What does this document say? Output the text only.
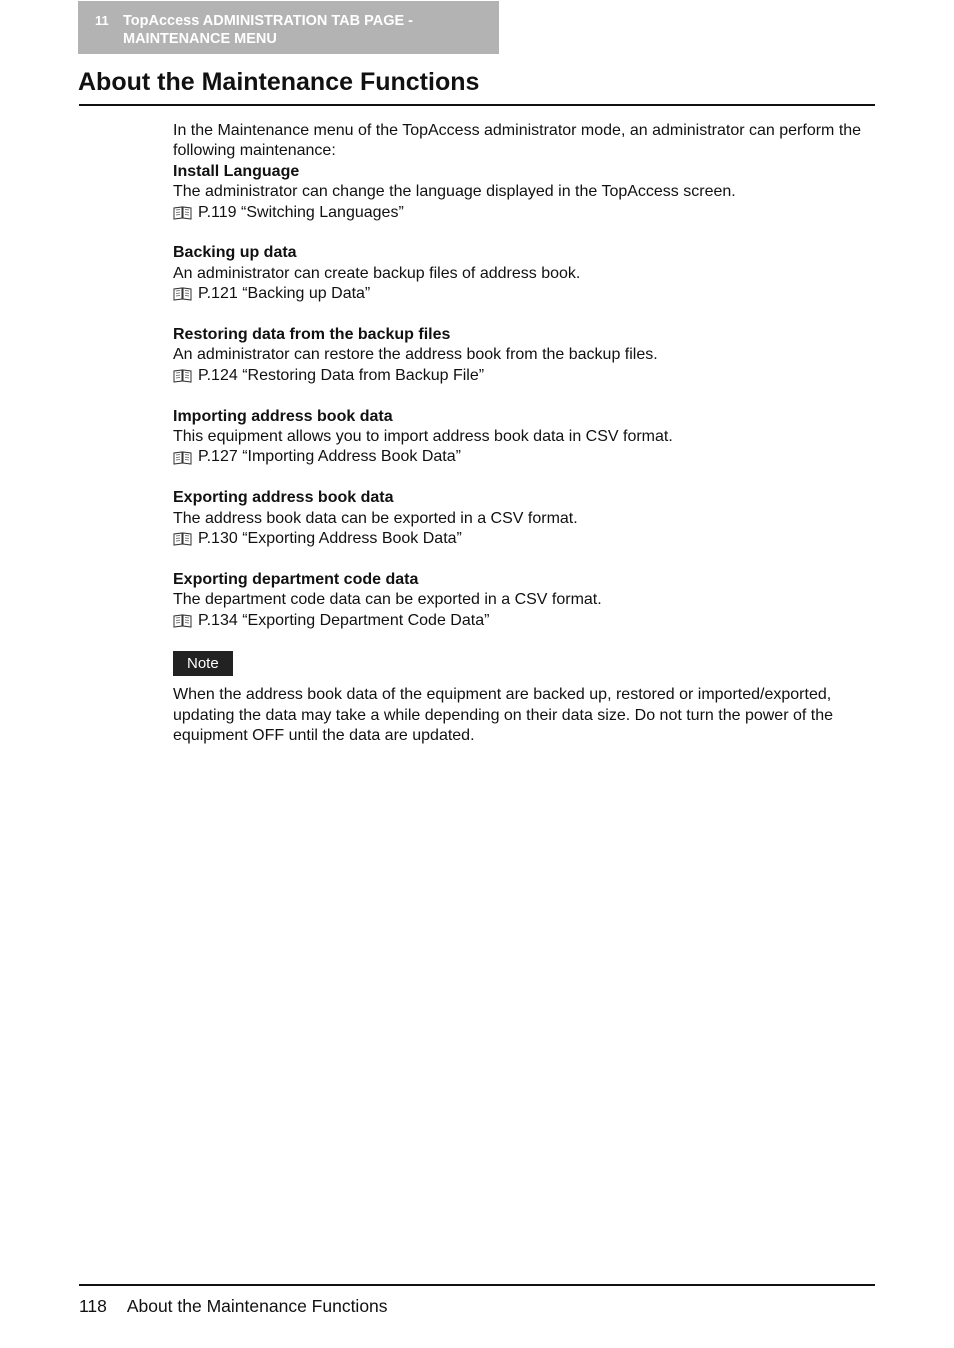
11 TopAccess ADMINISTRATION TAB PAGE - MAINTENANCE MENU
About the Maintenance Functions

In the Maintenance menu of the TopAccess administrator mode, an administrator can perform the following maintenance:

Install Language

The administrator can change the language displayed in the TopAccess screen.

P.119 “Switching Languages”

Backing up data

An administrator can create backup files of address book.

P.121 “Backing up Data”

Restoring data from the backup files

An administrator can restore the address book from the backup files.

P.124 “Restoring Data from Backup File”

Importing address book data

This equipment allows you to import address book data in CSV format.

P.127 “Importing Address Book Data”

Exporting address book data

The address book data can be exported in a CSV format.

P.130 “Exporting Address Book Data”

Exporting department code data

The department code data can be exported in a CSV format.

P.134 “Exporting Department Code Data”

Note

When the address book data of the equipment are backed up, restored or imported/exported, updating the data may take a while depending on their data size. Do not turn the power of the equipment OFF until the data are updated.

118 About the Maintenance Functions
